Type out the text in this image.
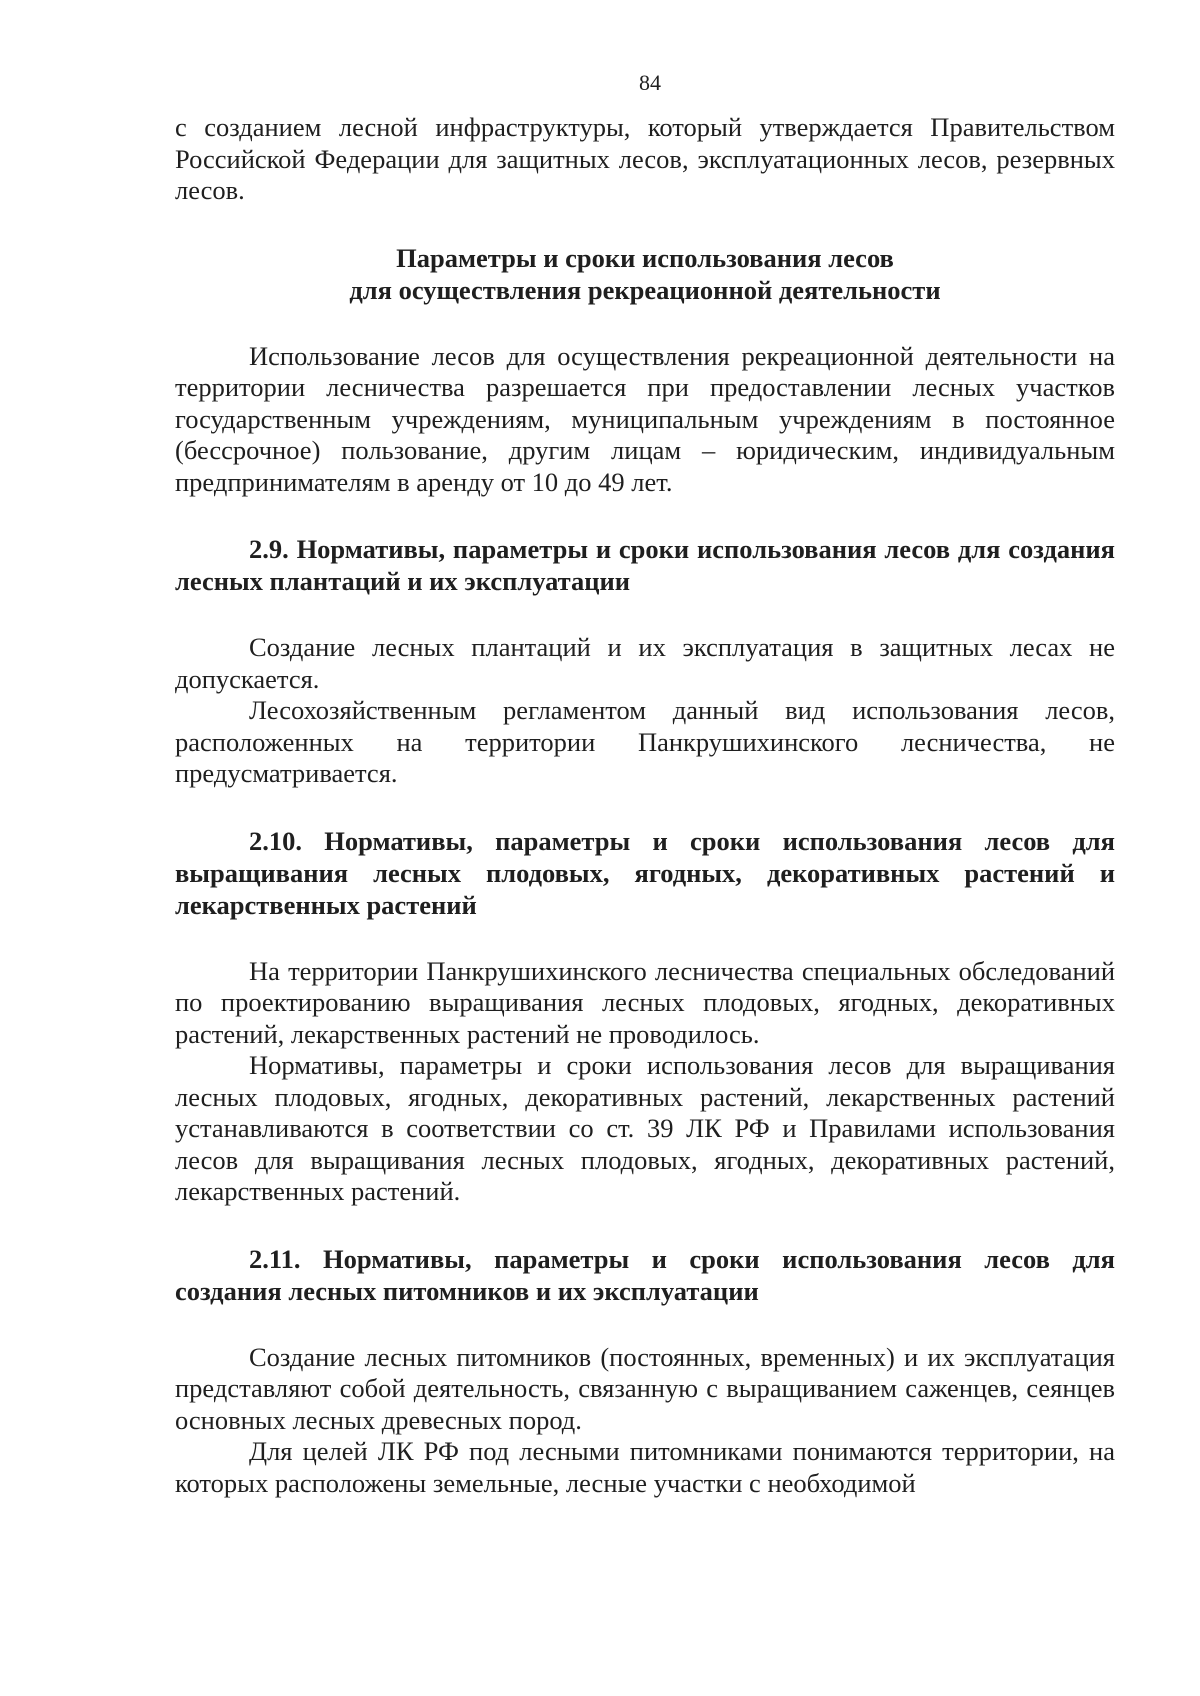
84

с созданием лесной инфраструктуры, который утверждается Правительством Российской Федерации для защитных лесов, эксплуатационных лесов, резервных лесов.

Параметры и сроки использования лесов
для осуществления рекреационной деятельности

Использование лесов для осуществления рекреационной деятельности на территории лесничества разрешается при предоставлении лесных участков государственным учреждениям, муниципальным учреждениям в постоянное (бессрочное) пользование, другим лицам – юридическим, индивидуальным предпринимателям в аренду от 10 до 49 лет.

2.9. Нормативы, параметры и сроки использования лесов для создания лесных плантаций и их эксплуатации

Создание лесных плантаций и их эксплуатация в защитных лесах не допускается.

Лесохозяйственным регламентом данный вид использования лесов, расположенных на территории Панкрушихинского лесничества, не предусматривается.

2.10. Нормативы, параметры и сроки использования лесов для выращивания лесных плодовых, ягодных, декоративных растений и лекарственных растений

На территории Панкрушихинского лесничества специальных обследований по проектированию выращивания лесных плодовых, ягодных, декоративных растений, лекарственных растений не проводилось.

Нормативы, параметры и сроки использования лесов для выращивания лесных плодовых, ягодных, декоративных растений, лекарственных растений устанавливаются в соответствии со ст. 39 ЛК РФ и Правилами использования лесов для выращивания лесных плодовых, ягодных, декоративных растений, лекарственных растений.

2.11. Нормативы, параметры и сроки использования лесов для создания лесных питомников и их эксплуатации

Создание лесных питомников (постоянных, временных) и их эксплуатация представляют собой деятельность, связанную с выращиванием саженцев, сеянцев основных лесных древесных пород.

Для целей ЛК РФ под лесными питомниками понимаются территории, на которых расположены земельные, лесные участки с необходимой
